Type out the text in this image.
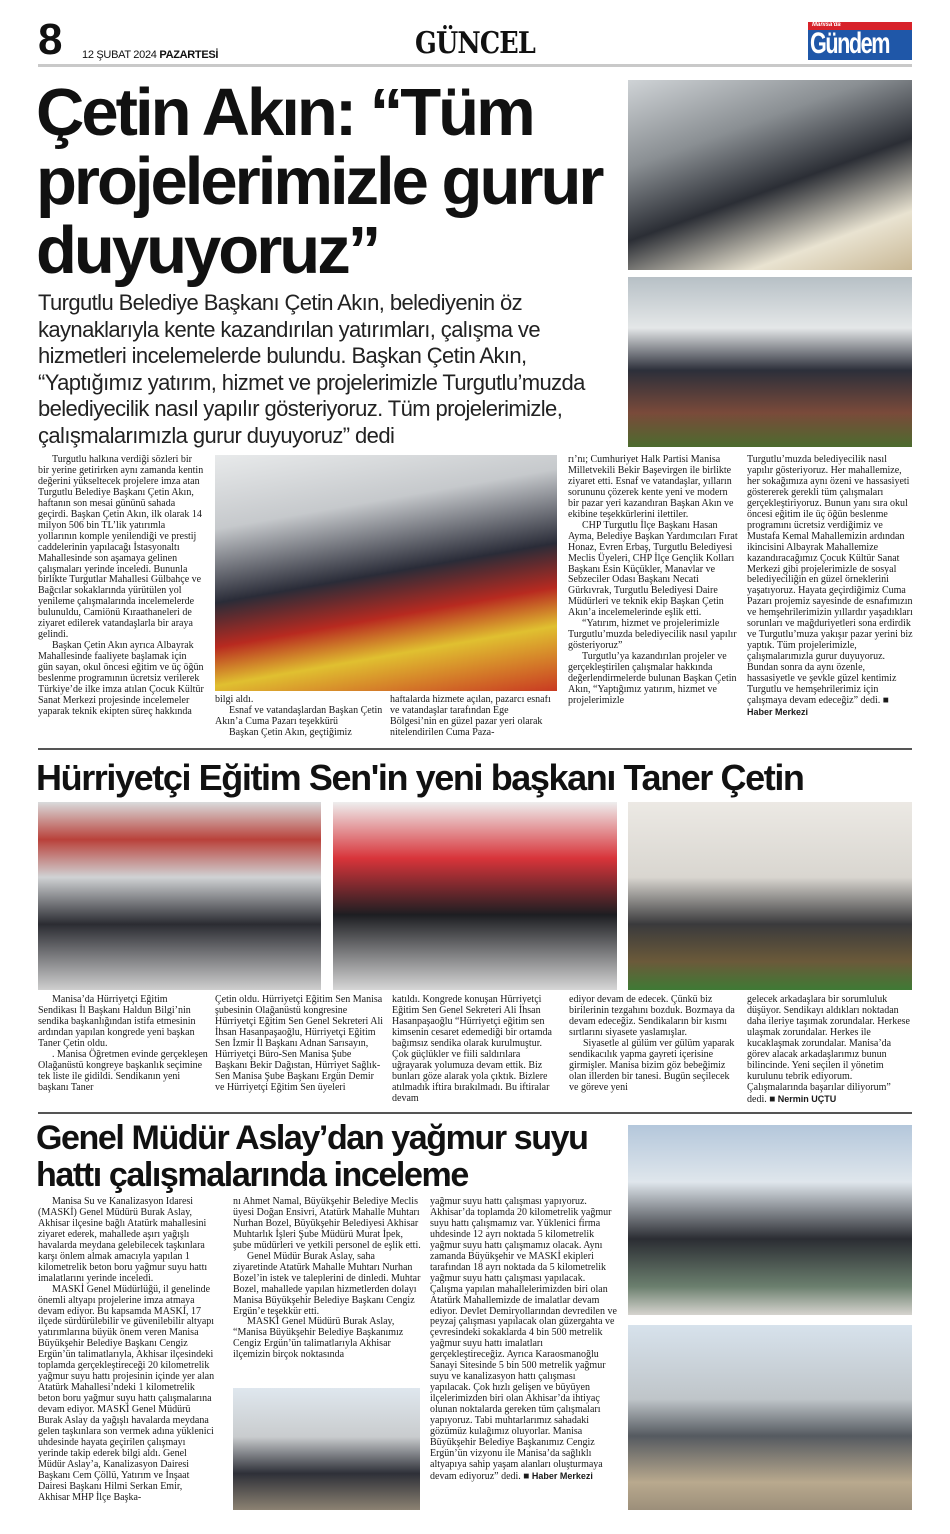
8 12 ŞUBAT 2024 PAZARTESİ	GÜNCEL
Manisa'da
Gündem
Çetin Akın: “Tüm projelerimizle gurur duyuyoruz”
Turgutlu Belediye Başkanı Çetin Akın, belediyenin öz kaynaklarıyla kente kazandırılan yatırımları, çalışma ve hizmetleri incelemelerde bulundu. Başkan Çetin Akın, “Yaptığımız yatırım, hizmet ve projelerimizle Turgutlu’muzda belediyecilik nasıl yapılır gösteriyoruz. Tüm projelerimizle, çalışmalarımızla gurur duyuyoruz” dedi

Turgutlu halkına verdiği sözleri bir bir yerine getirirken aynı zamanda kentin değerini yükseltecek projelere imza atan Turgutlu Belediye Başkanı Çetin Akın, haftanın son mesai gününü sahada geçirdi. Başkan Çetin Akın, ilk olarak 14 milyon 506 bin TL’lik yatırımla yollarının komple yenilendiği ve prestij caddelerinin yapılacağı İstasyonaltı Mahallesinde son aşamaya gelinen çalışmaları yerinde inceledi. Bununla birlikte Turgutlar Mahallesi Gülbahçe ve Bağcılar sokaklarında yürütülen yol yenileme çalışmalarında incelemelerde bulunuldu, Camiönü Kıraathaneleri de ziyaret edilerek vatandaşlarla bir araya gelindi.

Başkan Çetin Akın ayrıca Albayrak Mahallesinde faaliyete başlamak için gün sayan, okul öncesi eğitim ve üç öğün beslenme programının ücretsiz verilerek Türkiye’de ilke imza atılan Çocuk Kültür Sanat Merkezi projesinde incelemeler yaparak teknik ekipten süreç hakkında

bilgi aldı.

Esnaf ve vatandaşlardan Başkan Çetin Akın’a Cuma Pazarı teşekkürü

Başkan Çetin Akın, geçtiğimiz

haftalarda hizmete açılan, pazarcı esnafı ve vatandaşlar tarafından Ege Bölgesi’nin en güzel pazar yeri olarak nitelendirilen Cuma Paza-

rı’nı; Cumhuriyet Halk Partisi Manisa Milletvekili Bekir Başevirgen ile birlikte ziyaret etti. Esnaf ve vatandaşlar, yılların sorununu çözerek kente yeni ve modern bir pazar yeri kazandıran Başkan Akın ve ekibine teşekkürlerini ilettiler.

CHP Turgutlu İlçe Başkanı Hasan Ayma, Belediye Başkan Yardımcıları Fırat Honaz, Evren Erbaş, Turgutlu Belediyesi Meclis Üyeleri, CHP İlçe Gençlik Kolları Başkanı Esin Küçükler, Manavlar ve Sebzeciler Odası Başkanı Necati Gürkıvrak, Turgutlu Belediyesi Daire Müdürleri ve teknik ekip Başkan Çetin Akın’a incelemelerinde eşlik etti.

“Yatırım, hizmet ve projelerimizle Turgutlu’muzda belediyecilik nasıl yapılır gösteriyoruz”

Turgutlu’ya kazandırılan projeler ve gerçekleştirilen çalışmalar hakkında değerlendirmelerde bulunan Başkan Çetin Akın, “Yaptığımız yatırım, hizmet ve projelerimizle

Turgutlu’muzda belediyecilik nasıl yapılır gösteriyoruz. Her mahallemize, her sokağımıza aynı özeni ve hassasiyeti göstererek gerekli tüm çalışmaları gerçekleştiriyoruz. Bunun yanı sıra okul öncesi eğitim ile üç öğün beslenme programını ücretsiz verdiğimiz ve Mustafa Kemal Mahallemizin ardından ikincisini Albayrak Mahallemize kazandıracağımız Çocuk Kültür Sanat Merkezi gibi projelerimizle de sosyal belediyeciliğin en güzel örneklerini yaşatıyoruz. Hayata geçirdiğimiz Cuma Pazarı projemiz sayesinde de esnafımızın ve hemşehrilerimizin yıllardır yaşadıkları sorunları ve mağduriyetleri sona erdirdik ve Turgutlu’muza yakışır pazar yerini biz yaptık. Tüm projelerimizle, çalışmalarımızla gurur duyuyoruz. Bundan sonra da aynı özenle, hassasiyetle ve şevkle güzel kentimiz Turgutlu ve hemşehrilerimiz için çalışmaya devam edeceğiz” dedi. ■

Haber Merkezi

Hürriyetçi Eğitim Sen'in yeni başkanı Taner Çetin

Manisa’da Hürriyetçi Eğitim Sendikası İl Başkanı Haldun Bilgi’nin sendika başkanlığından istifa etmesinin ardından yapılan kongrede yeni başkan Taner Çetin oldu.

. Manisa Öğretmen evinde gerçekleşen Olağanüstü kongreye başkanlık seçimine tek liste ile gidildi. Sendikanın yeni başkanı Taner

Çetin oldu. Hürriyetçi Eğitim Sen Manisa şubesinin Olağanüstü kongresine Hürriyetçi Eğitim Sen Genel Sekreteri Ali İhsan Hasanpaşaoğlu, Hürriyetçi Eğitim Sen İzmir İl Başkanı Adnan Sarısayın, Hürriyetçi Büro-Sen Manisa Şube Başkanı Bekir Dağıstan, Hürriyet Sağlık-Sen Manisa Şube Başkanı Ergün Demir ve Hürriyetçi Eğitim Sen üyeleri

katıldı. Kongrede konuşan Hürriyetçi Eğitim Sen Genel Sekreteri Ali İhsan Hasanpaşaoğlu “Hürriyetçi eğitim sen kimsenin cesaret edemediği bir ortamda bağımsız sendika olarak kurulmuştur. Çok güçlükler ve fiili saldırılara uğrayarak yolumuza devam ettik. Biz bunları göze alarak yola çıktık. Bizlere atılmadık iftira bırakılmadı. Bu iftiralar devam

ediyor devam de edecek. Çünkü biz birilerinin tezgahını bozduk. Bozmaya da devam edeceğiz. Sendikaların bir kısmı sırtlarını siyasete yaslamışlar.

Siyasetle al gülüm ver gülüm yaparak sendikacılık yapma gayreti içerisine girmişler. Manisa bizim göz bebeğimiz olan illerden bir tanesi. Bugün seçilecek ve göreve yeni

gelecek arkadaşlara bir sorumluluk düşüyor. Sendikayı aldıkları noktadan daha ileriye taşımak zorundalar. Herkese ulaşmak zorundalar. Herkes ile kucaklaşmak zorundalar. Manisa’da görev alacak arkadaşlarımız bunun bilincinde. Yeni seçilen il yönetim kurulunu tebrik ediyorum. Çalışmalarında başarılar diliyorum” dedi. ■ Nermin UÇTU

Genel Müdür Aslay’dan yağmur suyu hattı çalışmalarında inceleme

Manisa Su ve Kanalizasyon İdaresi (MASKİ) Genel Müdürü Burak Aslay, Akhisar ilçesine bağlı Atatürk mahallesini ziyaret ederek, mahallede aşırı yağışlı havalarda meydana gelebilecek taşkınlara karşı önlem almak amacıyla yapılan 1 kilometrelik beton boru yağmur suyu hattı imalatlarını yerinde inceledi.

MASKİ Genel Müdürlüğü, il genelinde önemli altyapı projelerine imza atmaya devam ediyor. Bu kapsamda MASKİ, 17 ilçede sürdürülebilir ve güvenilebilir altyapı yatırımlarına büyük önem veren Manisa Büyükşehir Belediye Başkanı Cengiz Ergün’ün talimatlarıyla, Akhisar ilçesindeki toplamda gerçekleştireceği 20 kilometrelik yağmur suyu hattı projesinin içinde yer alan Atatürk Mahallesi’ndeki 1 kilometrelik beton boru yağmur suyu hattı çalışmalarına devam ediyor. MASKİ Genel Müdürü Burak Aslay da yağışlı havalarda meydana gelen taşkınlara son vermek adına yüklenici uhdesinde hayata geçirilen çalışmayı yerinde takip ederek bilgi aldı. Genel Müdür Aslay’a, Kanalizasyon Dairesi Başkanı Cem Çöllü, Yatırım ve İnşaat Dairesi Başkanı Hilmi Serkan Emir, Akhisar MHP İlçe Başka-

nı Ahmet Namal, Büyükşehir Belediye Meclis üyesi Doğan Ensivri, Atatürk Mahalle Muhtarı Nurhan Bozel, Büyükşehir Belediyesi Akhisar Muhtarlık İşleri Şube Müdürü Murat İpek, şube müdürleri ve yetkili personel de eşlik etti.

Genel Müdür Burak Aslay, saha ziyaretinde Atatürk Mahalle Muhtarı Nurhan Bozel’in istek ve taleplerini de dinledi. Muhtar Bozel, mahallede yapılan hizmetlerden dolayı Manisa Büyükşehir Belediye Başkanı Cengiz Ergün’e teşekkür etti.

MASKİ Genel Müdürü Burak Aslay, “Manisa Büyükşehir Belediye Başkanımız Cengiz Ergün’ün talimatlarıyla Akhisar ilçemizin birçok noktasında

yağmur suyu hattı çalışması yapıyoruz. Akhisar’da toplamda 20 kilometrelik yağmur suyu hattı çalışmamız var. Yüklenici firma uhdesinde 12 ayrı noktada 5 kilometrelik yağmur suyu hattı çalışmamız olacak. Aynı zamanda Büyükşehir ve MASKİ ekipleri tarafından 18 ayrı noktada da 5 kilometrelik yağmur suyu hattı çalışması yapılacak. Çalışma yapılan mahallelerimizden biri olan Atatürk Mahallemizde de imalatlar devam ediyor. Devlet Demiryollarından devredilen ve peyzaj çalışması yapılacak olan güzergahta ve çevresindeki sokaklarda 4 bin 500 metrelik yağmur suyu hattı imalatları gerçekleştireceğiz. Ayrıca Karaosmanoğlu Sanayi Sitesinde 5 bin 500 metrelik yağmur suyu ve kanalizasyon hattı çalışması yapılacak. Çok hızlı gelişen ve büyüyen ilçelerimizden biri olan Akhisar’da ihtiyaç olunan noktalarda gereken tüm çalışmaları yapıyoruz. Tabi muhtarlarımız sahadaki gözümüz kulağımız oluyorlar. Manisa Büyükşehir Belediye Başkanımız Cengiz Ergün’ün vizyonu ile Manisa’da sağlıklı altyapıya sahip yaşam alanları oluşturmaya devam ediyoruz” dedi. ■ Haber Merkezi
